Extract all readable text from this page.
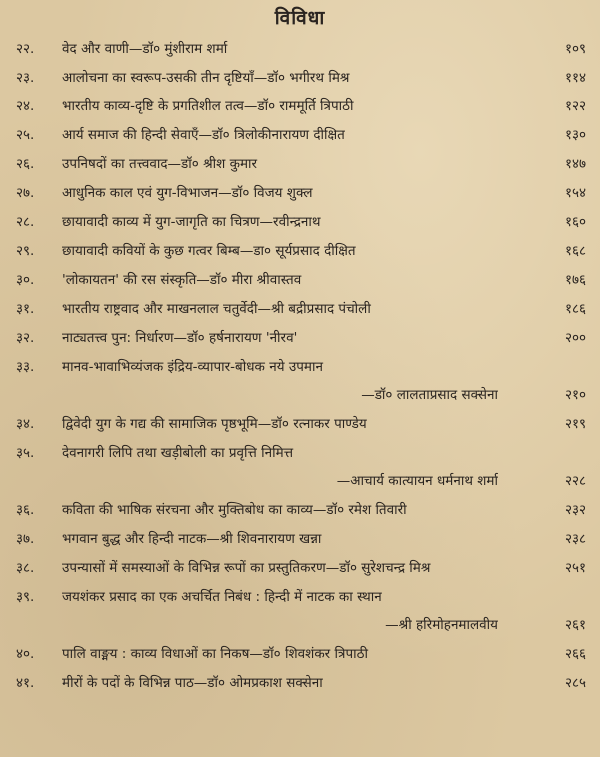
विविधा
२२.	वेद और वाणी—डॉ० मुंशीराम शर्मा	१०९
२३.	आलोचना का स्वरूप-उसकी तीन दृष्टियाँ—डॉ० भगीरथ मिश्र	११४
२४.	भारतीय काव्य-दृष्टि के प्रगतिशील तत्व—डॉ० राममूर्ति त्रिपाठी	१२२
२५.	आर्य समाज की हिन्दी सेवाएँ—डॉ० त्रिलोकीनारायण दीक्षित	१३०
२६.	उपनिषदों का तत्त्ववाद—डॉ० श्रीश कुमार	१४७
२७.	आधुनिक काल एवं युग-विभाजन—डॉ० विजय शुक्ल	१५४
२८.	छायावादी काव्य में युग-जागृति का चित्रण—रवीन्द्रनाथ	१६०
२९.	छायावादी कवियों के कुछ गत्वर बिम्ब—डा० सूर्यप्रसाद दीक्षित	१६८
३०.	'लोकायतन' की रस संस्कृति—डॉ० मीरा श्रीवास्तव	१७६
३१.	भारतीय राष्ट्रवाद और माखनलाल चतुर्वेदी—श्री बद्रीप्रसाद पंचोली	१८६
३२.	नाट्यतत्त्व पुन: निर्धारण—डॉ० हर्षनारायण 'नीरव'	२००
३३.	मानव-भावाभिव्यंजक इंद्रिय-व्यापार-बोधक नये उपमान
—डॉ० लालताप्रसाद सक्सेना	२१०
३४.	द्विवेदी युग के गद्य की सामाजिक पृष्ठभूमि—डॉ० रत्नाकर पाण्डेय	२१९
३५.	देवनागरी लिपि तथा खड़ीबोली का प्रवृत्ति निमित्त
—आचार्य कात्यायन धर्मनाथ शर्मा	२२८
३६.	कविता की भाषिक संरचना और मुक्तिबोध का काव्य—डॉ० रमेश तिवारी	२३२
३७.	भगवान बुद्ध और हिन्दी नाटक—श्री शिवनारायण खन्ना	२३८
३८.	उपन्यासों में समस्याओं के विभिन्न रूपों का प्रस्तुतिकरण—डॉ० सुरेशचन्द्र मिश्र	२५१
३९.	जयशंकर प्रसाद का एक अचर्चित निबंध : हिन्दी में नाटक का स्थान
—श्री हरिमोहनमालवीय	२६१
४०.	पालि वाङ्मय : काव्य विधाओं का निकष—डॉ० शिवशंकर त्रिपाठी	२६६
४१.	मीरों के पदों के विभिन्न पाठ—डॉ० ओमप्रकाश सक्सेना	२८५
